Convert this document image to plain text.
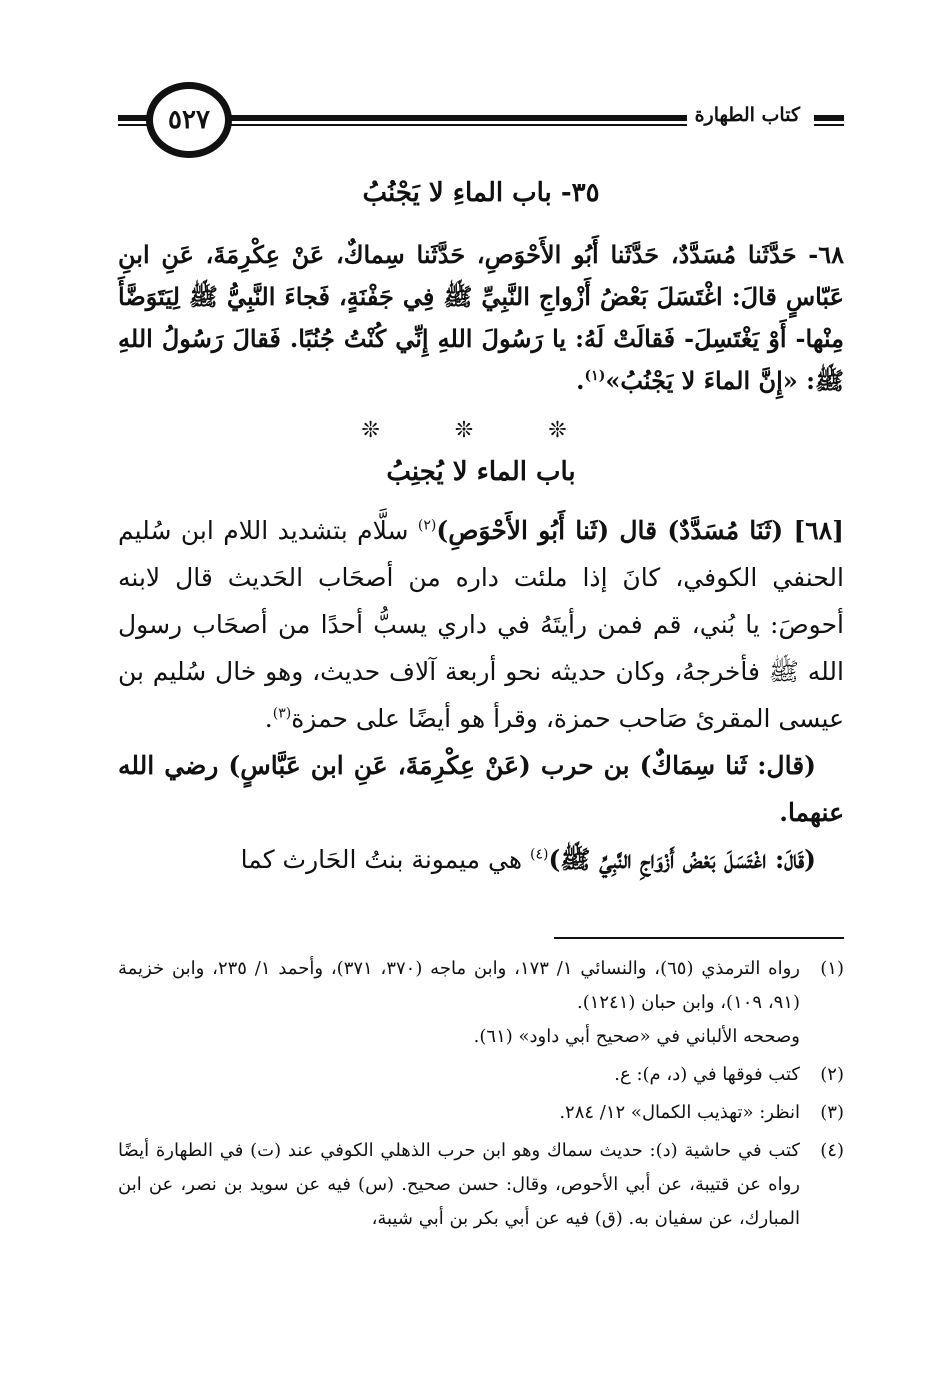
٥٢٧	كتاب الطهارة
٣٥- باب الماءِ لا يَجْنُبُ

٦٨- حَدَّثَنا مُسَدَّدٌ، حَدَّثَنا أَبُو الأَحْوَصِ، حَدَّثَنا سِماكٌ، عَنْ عِكْرِمَةَ، عَنِ ابنِ عَبّاسٍ قالَ: اغْتَسَلَ بَعْضُ أَزْواجِ النَّبِيِّ ﷺ فِي جَفْنَةٍ، فَجاءَ النَّبِيُّ ﷺ لِيَتَوَضَّأَ مِنْها- أَوْ يَغْتَسِلَ- فَقالَتْ لَهُ: يا رَسُولَ اللهِ إِنِّي كُنْتُ جُنُبًا. فَقالَ رَسُولُ اللهِ ﷺ: «إِنَّ الماءَ لا يَجْنُبُ»$^{(١)}$.

❊ ❊ ❊
باب الماء لا يُجنِبُ

[٦٨] (ثَنَا مُسَدَّدٌ) قال (ثَنا أَبُو الأَحْوَصِ)$^{(٢)}$ سلَّام بتشديد اللام ابن سُليم الحنفي الكوفي، كانَ إذا ملئت داره من أصحَاب الحَديث قال لابنه أحوصَ: يا بُني، قم فمن رأيتَهُ في داري يسبُّ أحدًا من أصحَاب رسول الله ﷺ فأخرجهُ، وكان حديثه نحو أربعة آلاف حديث، وهو خال سُليم بن عيسى المقرئ صَاحب حمزة، وقرأ هو أيضًا على حمزة$^{(٣)}$.

(قال: ثَنا سِمَاكٌ) بن حرب (عَنْ عِكْرِمَةَ، عَنِ ابن عَبَّاسٍ) رضي الله عنهما.

(قَالَ: اغْتَسَلَ بَعْضُ أَزْوَاجِ النَّبِيِّ ﷺ)$^{(٤)}$ هي ميمونة بنتُ الحَارث كما

(١)
رواه الترمذي (٦٥)، والنسائي ١/ ١٧٣، وابن ماجه (٣٧٠، ٣٧١)، وأحمد ١/ ٢٣٥، وابن خزيمة (٩١، ١٠٩)، وابن حبان (١٢٤١).
وصححه الألباني في «صحيح أبي داود» (٦١).
(٢)
كتب فوقها في (د، م): ع.
(٣)
انظر: «تهذيب الكمال» ١٢/ ٢٨٤.
(٤)
كتب في حاشية (د): حديث سماك وهو ابن حرب الذهلي الكوفي عند (ت) في الطهارة أيضًا رواه عن قتيبة، عن أبي الأحوص، وقال: حسن صحيح. (س) فيه عن سويد بن نصر، عن ابن المبارك، عن سفيان به. (ق) فيه عن أبي بكر بن أبي شيبة،
